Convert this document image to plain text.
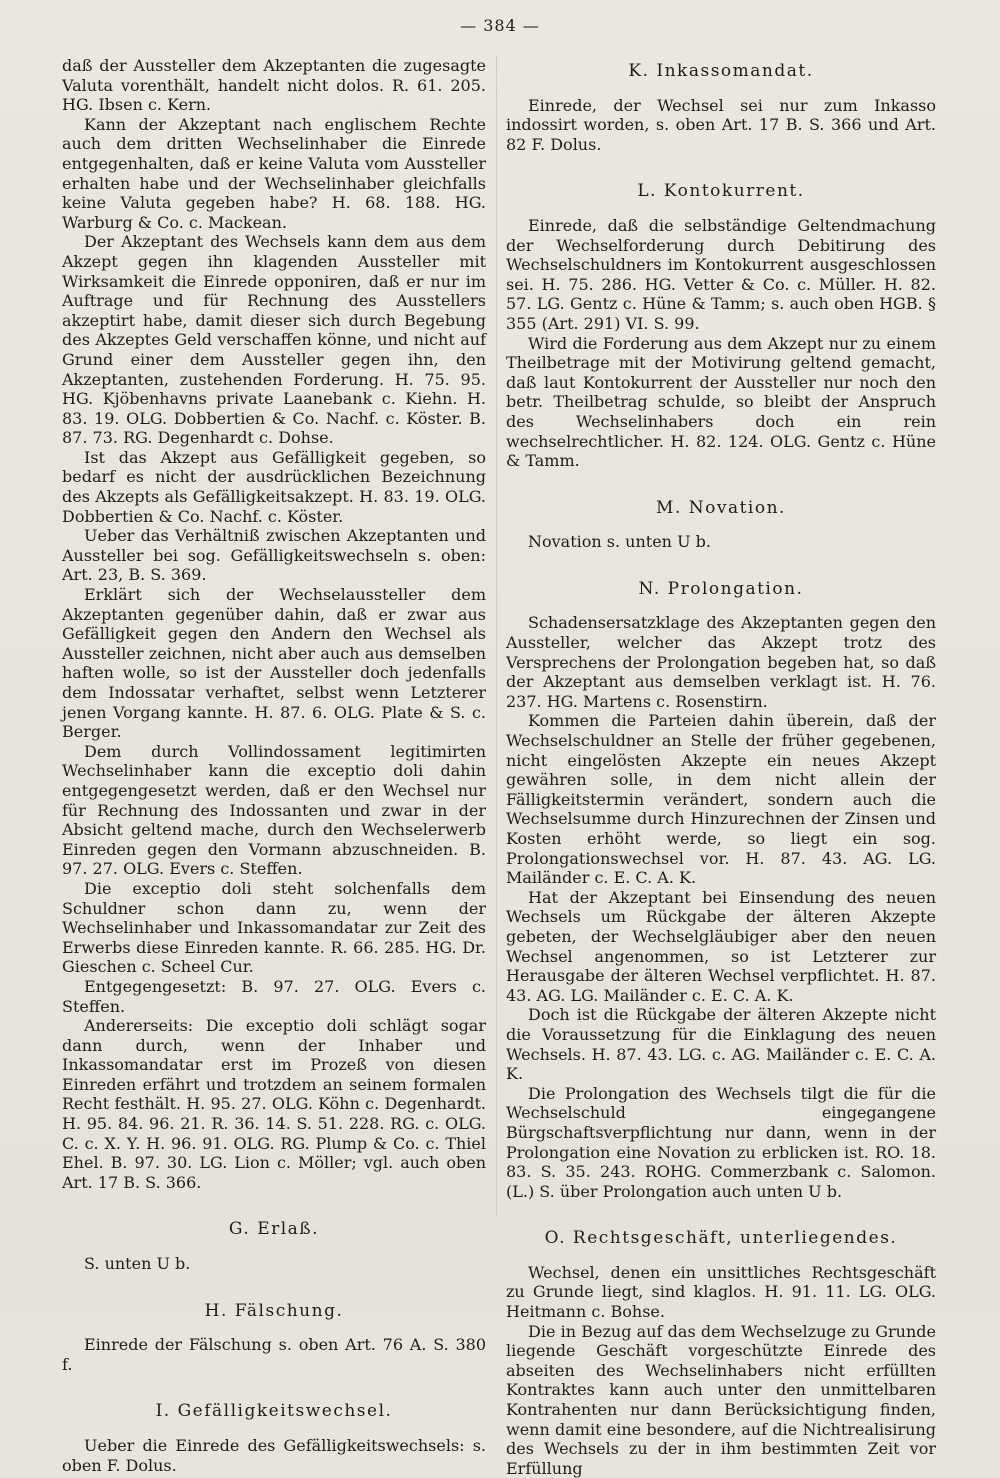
— 384 —

daß der Aussteller dem Akzeptanten die zugesagte Valuta vorenthält, handelt nicht dolos. R. 61. 205. HG. Ibsen c. Kern.

Kann der Akzeptant nach englischem Rechte auch dem dritten Wechselinhaber die Einrede entgegenhalten, daß er keine Valuta vom Aussteller erhalten habe und der Wechselinhaber gleichfalls keine Valuta gegeben habe? H. 68. 188. HG. Warburg & Co. c. Mackean.

Der Akzeptant des Wechsels kann dem aus dem Akzept gegen ihn klagenden Aussteller mit Wirksamkeit die Einrede opponiren, daß er nur im Auftrage und für Rechnung des Ausstellers akzeptirt habe, damit dieser sich durch Begebung des Akzeptes Geld verschaffen könne, und nicht auf Grund einer dem Aussteller gegen ihn, den Akzeptanten, zustehenden Forderung. H. 75. 95. HG. Kjöbenhavns private Laanebank c. Kiehn. H. 83. 19. OLG. Dobbertien & Co. Nachf. c. Köster. B. 87. 73. RG. Degenhardt c. Dohse.

Ist das Akzept aus Gefälligkeit gegeben, so bedarf es nicht der ausdrücklichen Bezeichnung des Akzepts als Gefälligkeitsakzept. H. 83. 19. OLG. Dobbertien & Co. Nachf. c. Köster.

Ueber das Verhältniß zwischen Akzeptanten und Aussteller bei sog. Gefälligkeitswechseln s. oben: Art. 23, B. S. 369.

Erklärt sich der Wechselaussteller dem Akzeptanten gegenüber dahin, daß er zwar aus Gefälligkeit gegen den Andern den Wechsel als Aussteller zeichnen, nicht aber auch aus demselben haften wolle, so ist der Aussteller doch jedenfalls dem Indossatar verhaftet, selbst wenn Letzterer jenen Vorgang kannte. H. 87. 6. OLG. Plate & S. c. Berger.

Dem durch Vollindossament legitimirten Wechselinhaber kann die exceptio doli dahin entgegengesetzt werden, daß er den Wechsel nur für Rechnung des Indossanten und zwar in der Absicht geltend mache, durch den Wechselerwerb Einreden gegen den Vormann abzuschneiden. B. 97. 27. OLG. Evers c. Steffen.

Die exceptio doli steht solchenfalls dem Schuldner schon dann zu, wenn der Wechselinhaber und Inkassomandatar zur Zeit des Erwerbs diese Einreden kannte. R. 66. 285. HG. Dr. Gieschen c. Scheel Cur.

Entgegengesetzt: B. 97. 27. OLG. Evers c. Steffen.

Andererseits: Die exceptio doli schlägt sogar dann durch, wenn der Inhaber und Inkassomandatar erst im Prozeß von diesen Einreden erfährt und trotzdem an seinem formalen Recht festhält. H. 95. 27. OLG. Köhn c. Degenhardt. H. 95. 84. 96. 21. R. 36. 14. S. 51. 228. RG. c. OLG. C. c. X. Y. H. 96. 91. OLG. RG. Plump & Co. c. Thiel Ehel. B. 97. 30. LG. Lion c. Möller; vgl. auch oben Art. 17 B. S. 366.

G. Erlaß.

S. unten U b.

H. Fälschung.

Einrede der Fälschung s. oben Art. 76 A. S. 380 f.

I. Gefälligkeitswechsel.

Ueber die Einrede des Gefälligkeitswechsels: s. oben F. Dolus.

K. Inkassomandat.

Einrede, der Wechsel sei nur zum Inkasso indossirt worden, s. oben Art. 17 B. S. 366 und Art. 82 F. Dolus.

L. Kontokurrent.

Einrede, daß die selbständige Geltendmachung der Wechselforderung durch Debitirung des Wechselschuldners im Kontokurrent ausgeschlossen sei. H. 75. 286. HG. Vetter & Co. c. Müller. H. 82. 57. LG. Gentz c. Hüne & Tamm; s. auch oben HGB. § 355 (Art. 291) VI. S. 99.

Wird die Forderung aus dem Akzept nur zu einem Theilbetrage mit der Motivirung geltend gemacht, daß laut Kontokurrent der Aussteller nur noch den betr. Theilbetrag schulde, so bleibt der Anspruch des Wechselinhabers doch ein rein wechselrechtlicher. H. 82. 124. OLG. Gentz c. Hüne & Tamm.

M. Novation.

Novation s. unten U b.

N. Prolongation.

Schadensersatzklage des Akzeptanten gegen den Aussteller, welcher das Akzept trotz des Versprechens der Prolongation begeben hat, so daß der Akzeptant aus demselben verklagt ist. H. 76. 237. HG. Martens c. Rosenstirn.

Kommen die Parteien dahin überein, daß der Wechselschuldner an Stelle der früher gegebenen, nicht eingelösten Akzepte ein neues Akzept gewähren solle, in dem nicht allein der Fälligkeitstermin verändert, sondern auch die Wechselsumme durch Hinzurechnen der Zinsen und Kosten erhöht werde, so liegt ein sog. Prolongationswechsel vor. H. 87. 43. AG. LG. Mailänder c. E. C. A. K.

Hat der Akzeptant bei Einsendung des neuen Wechsels um Rückgabe der älteren Akzepte gebeten, der Wechselgläubiger aber den neuen Wechsel angenommen, so ist Letzterer zur Herausgabe der älteren Wechsel verpflichtet. H. 87. 43. AG. LG. Mailänder c. E. C. A. K.

Doch ist die Rückgabe der älteren Akzepte nicht die Voraussetzung für die Einklagung des neuen Wechsels. H. 87. 43. LG. c. AG. Mailänder c. E. C. A. K.

Die Prolongation des Wechsels tilgt die für die Wechselschuld eingegangene Bürgschaftsverpflichtung nur dann, wenn in der Prolongation eine Novation zu erblicken ist. RO. 18. 83. S. 35. 243. ROHG. Commerzbank c. Salomon. (L.) S. über Prolongation auch unten U b.

O. Rechtsgeschäft, unterliegendes.

Wechsel, denen ein unsittliches Rechtsgeschäft zu Grunde liegt, sind klaglos. H. 91. 11. LG. OLG. Heitmann c. Bohse.

Die in Bezug auf das dem Wechselzuge zu Grunde liegende Geschäft vorgeschützte Einrede des abseiten des Wechselinhabers nicht erfüllten Kontraktes kann auch unter den unmittelbaren Kontrahenten nur dann Berücksichtigung finden, wenn damit eine besondere, auf die Nichtrealisirung des Wechsels zu der in ihm bestimmten Zeit vor Erfüllung
